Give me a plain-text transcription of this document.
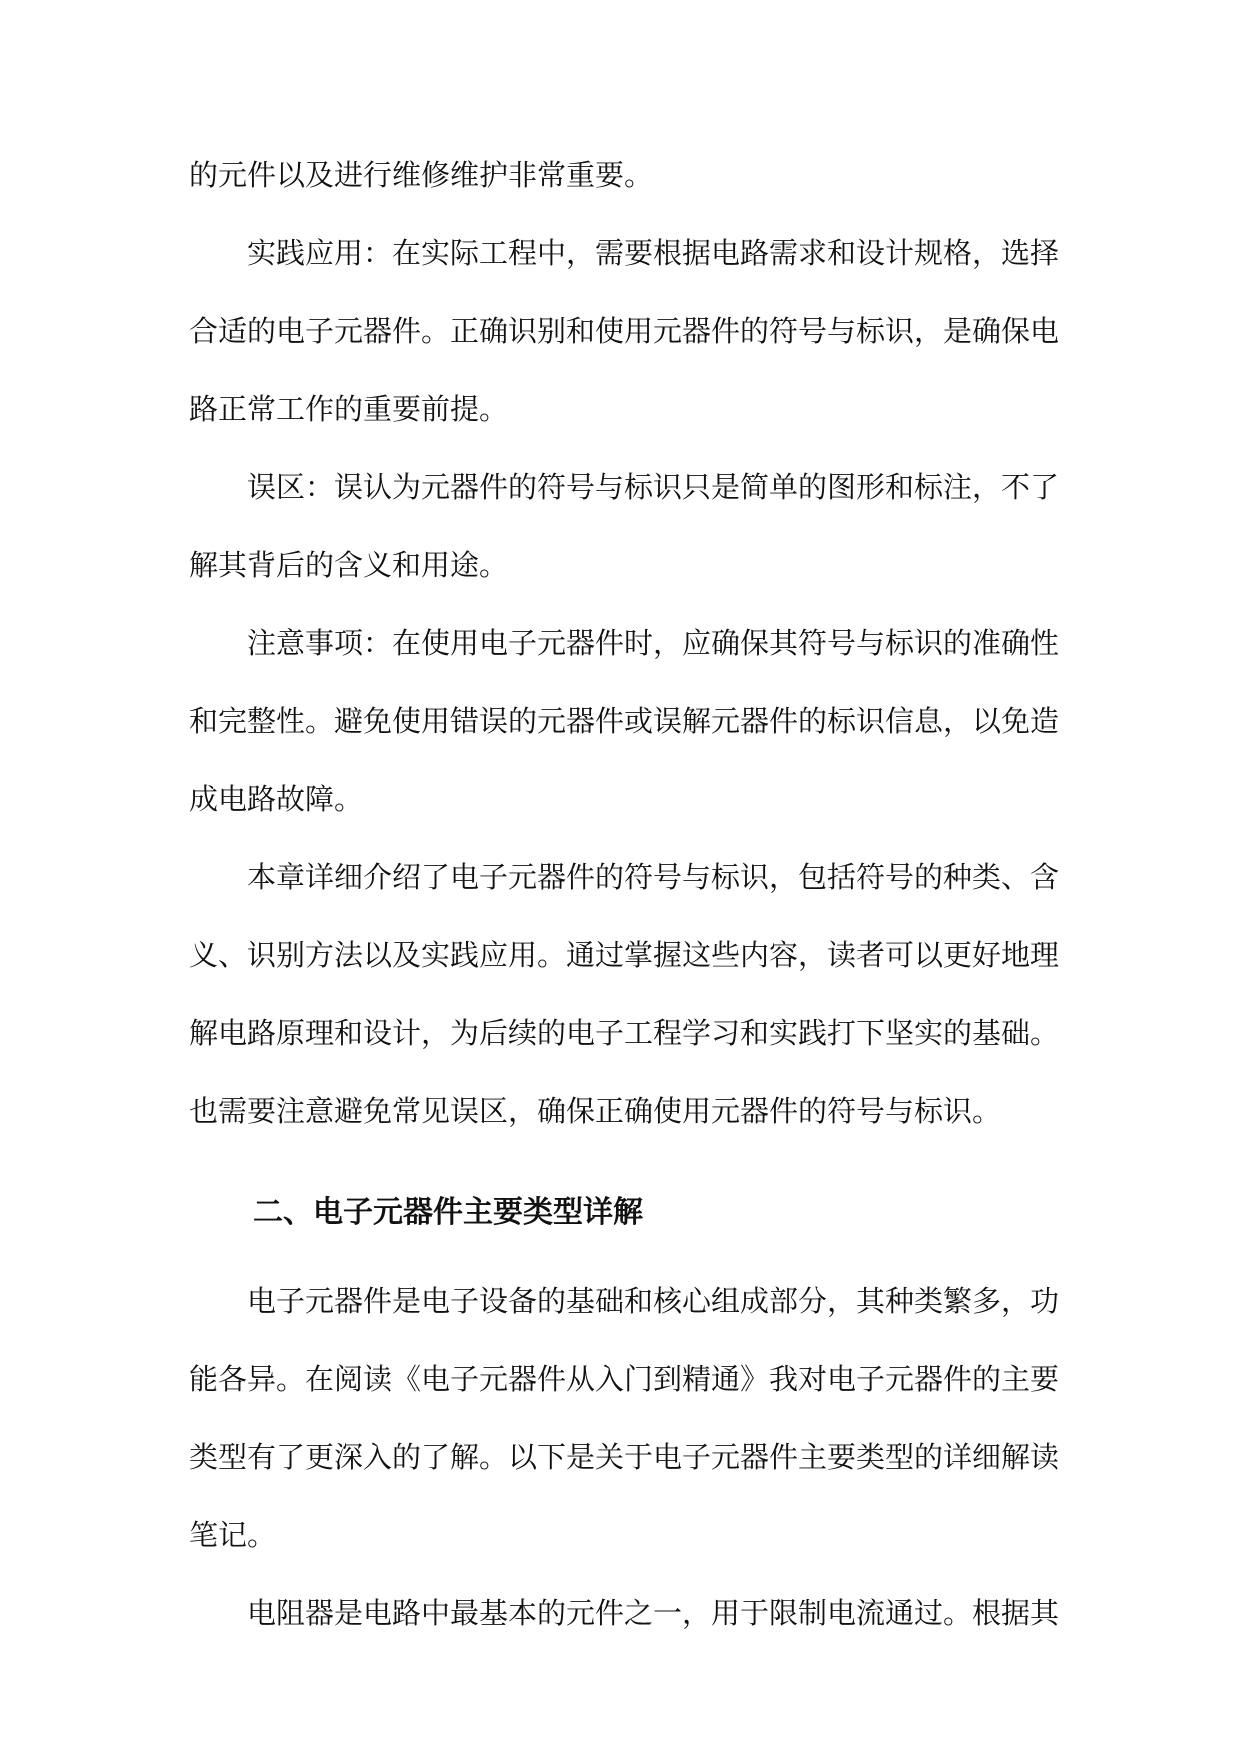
的元件以及进行维修维护非常重要。

实践应用：在实际工程中，需要根据电路需求和设计规格，选择合适的电子元器件。正确识别和使用元器件的符号与标识，是确保电路正常工作的重要前提。

误区：误认为元器件的符号与标识只是简单的图形和标注，不了解其背后的含义和用途。

注意事项：在使用电子元器件时，应确保其符号与标识的准确性和完整性。避免使用错误的元器件或误解元器件的标识信息，以免造成电路故障。

本章详细介绍了电子元器件的符号与标识，包括符号的种类、含义、识别方法以及实践应用。通过掌握这些内容，读者可以更好地理解电路原理和设计，为后续的电子工程学习和实践打下坚实的基础。也需要注意避免常见误区，确保正确使用元器件的符号与标识。

二、电子元器件主要类型详解

电子元器件是电子设备的基础和核心组成部分，其种类繁多，功能各异。在阅读《电子元器件从入门到精通》我对电子元器件的主要类型有了更深入的了解。以下是关于电子元器件主要类型的详细解读笔记。

电阻器是电路中最基本的元件之一，用于限制电流通过。根据其
